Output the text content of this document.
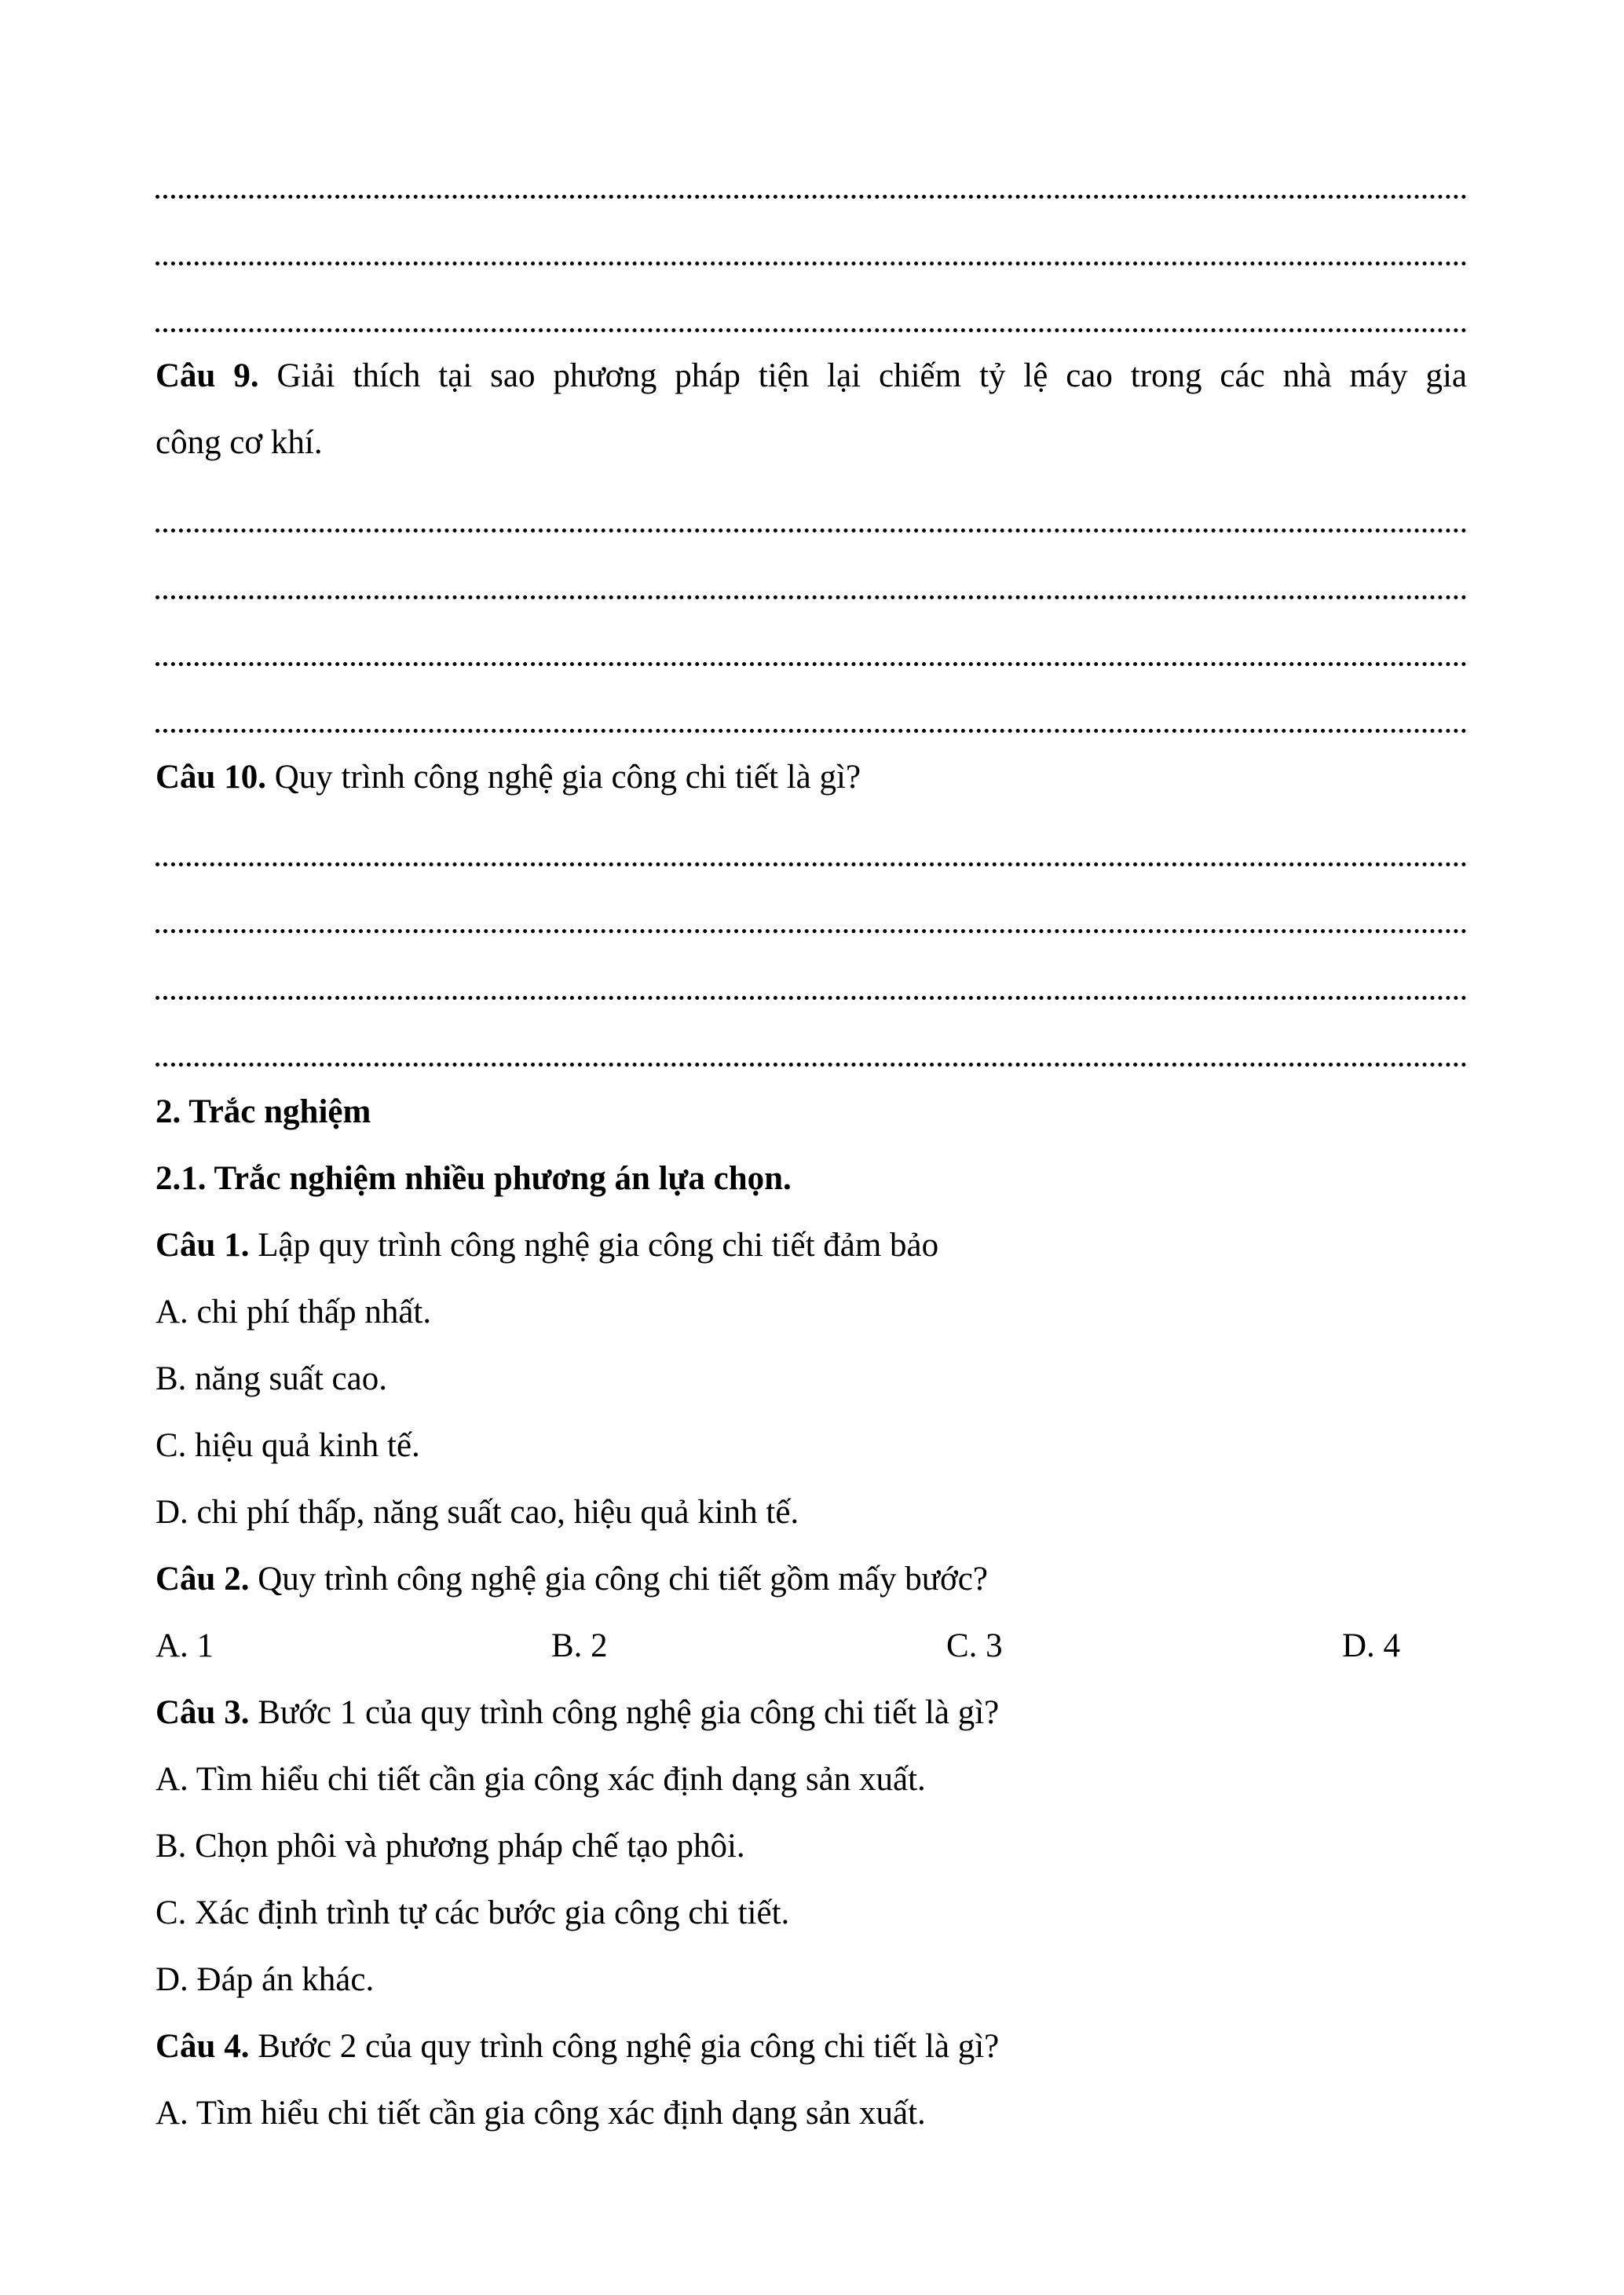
Câu 9. Giải thích tại sao phương pháp tiện lại chiếm tỷ lệ cao trong các nhà máy gia
công cơ khí.
Câu 10. Quy trình công nghệ gia công chi tiết là gì?
2. Trắc nghiệm
2.1. Trắc nghiệm nhiều phương án lựa chọn.
Câu 1. Lập quy trình công nghệ gia công chi tiết đảm bảo
A. chi phí thấp nhất.
B. năng suất cao.
C. hiệu quả kinh tế.
D. chi phí thấp, năng suất cao, hiệu quả kinh tế.
Câu 2. Quy trình công nghệ gia công chi tiết gồm mấy bước?
A. 1	B. 2	C. 3	D. 4
Câu 3. Bước 1 của quy trình công nghệ gia công chi tiết là gì?
A. Tìm hiểu chi tiết cần gia công xác định dạng sản xuất.
B. Chọn phôi và phương pháp chế tạo phôi.
C. Xác định trình tự các bước gia công chi tiết.
D. Đáp án khác.
Câu 4. Bước 2 của quy trình công nghệ gia công chi tiết là gì?
A. Tìm hiểu chi tiết cần gia công xác định dạng sản xuất.
